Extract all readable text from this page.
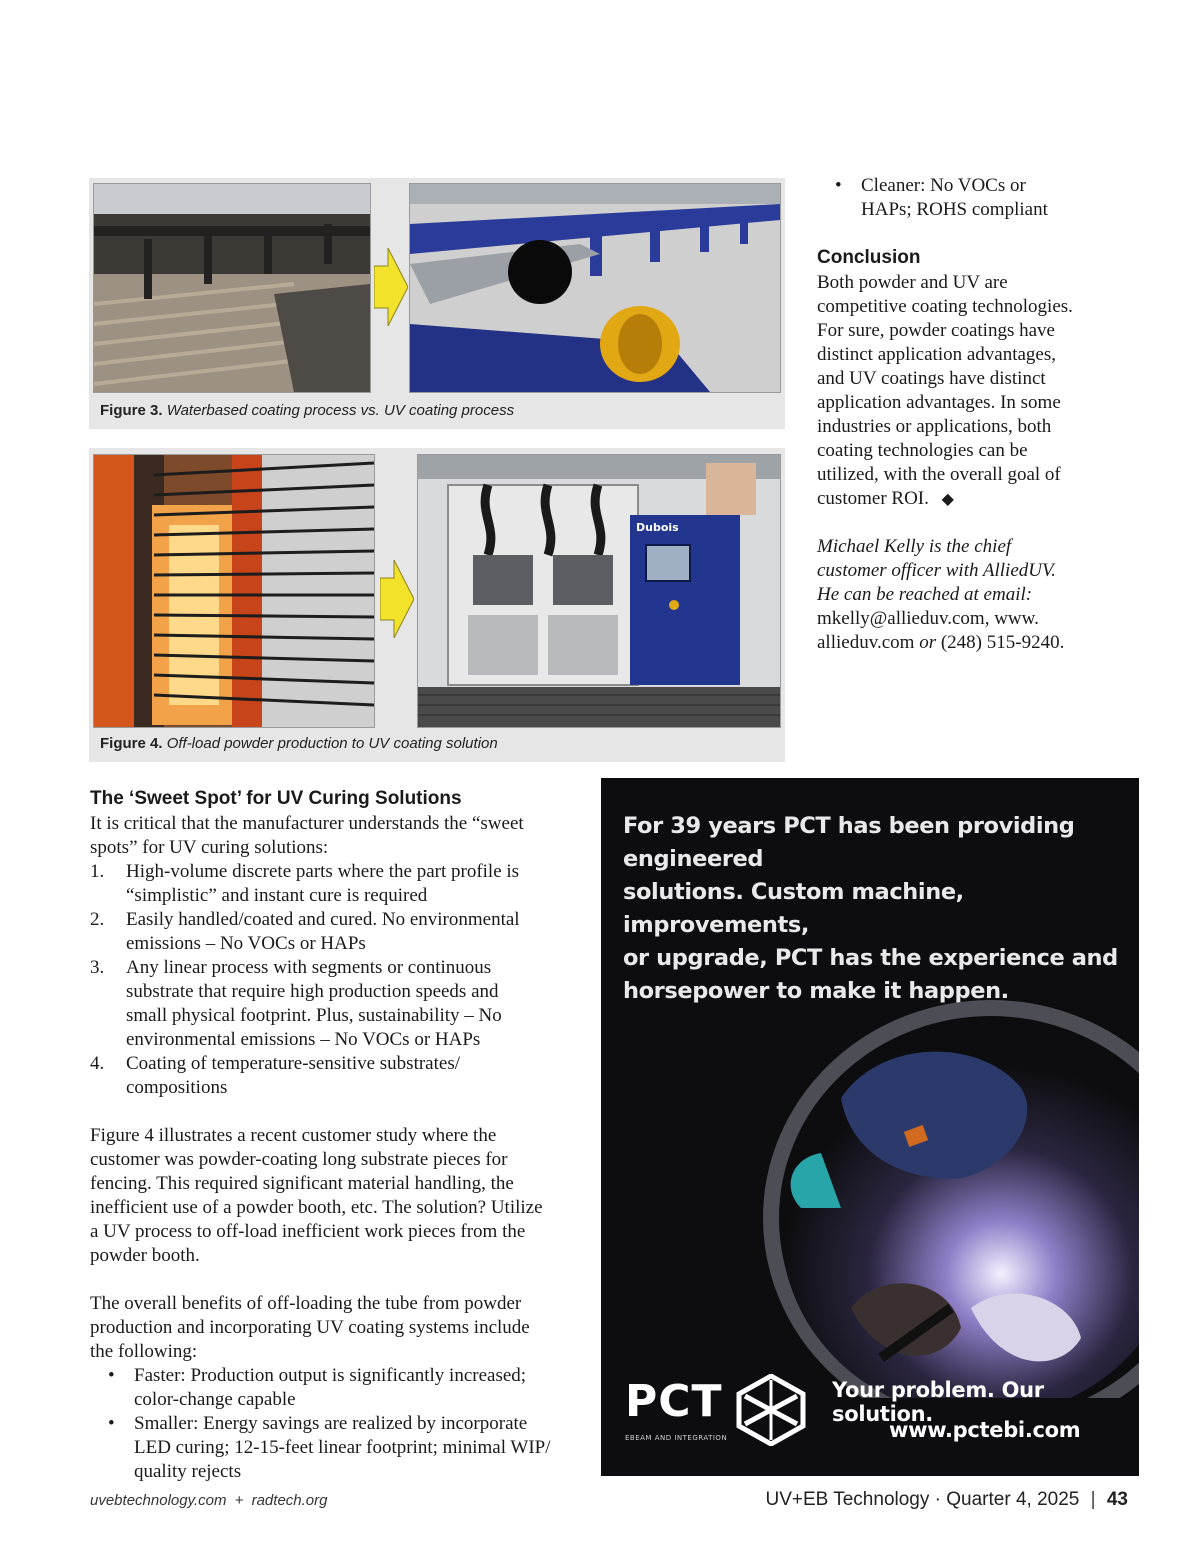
Figure 3. Waterbased coating process vs. UV coating process
Dubois
Figure 4. Off-load powder production to UV coating solution
• Cleaner: No VOCs or
HAPs; ROHS compliant
Conclusion
Both powder and UV are
competitive coating technologies.
For sure, powder coatings have
distinct application advantages,
and UV coatings have distinct
application advantages. In some
industries or applications, both
coating technologies can be
utilized, with the overall goal of
customer ROI. ◆
Michael Kelly is the chief
customer officer with AlliedUV.
He can be reached at email:
mkelly@allieduv.com, www.
allieduv.com or (248) 515-9240.
The ‘Sweet Spot’ for UV Curing Solutions
It is critical that the manufacturer understands the “sweet
spots” for UV curing solutions:
1. High-volume discrete parts where the part profile is
“simplistic” and instant cure is required
2. Easily handled/coated and cured. No environmental
emissions – No VOCs or HAPs
3. Any linear process with segments or continuous
substrate that require high production speeds and
small physical footprint. Plus, sustainability – No
environmental emissions – No VOCs or HAPs
4. Coating of temperature-sensitive substrates/
compositions
Figure 4 illustrates a recent customer study where the
customer was powder-coating long substrate pieces for
fencing. This required significant material handling, the
inefficient use of a powder booth, etc. The solution? Utilize
a UV process to off-load inefficient work pieces from the
powder booth.
The overall benefits of off-loading the tube from powder
production and incorporating UV coating systems include
the following:
• Faster: Production output is significantly increased;
color-change capable
• Smaller: Energy savings are realized by incorporate
LED curing; 12-15-feet linear footprint; minimal WIP/
quality rejects
For 39 years PCT has been providing engineered
solutions. Custom machine, improvements,
or upgrade, PCT has the experience and
horsepower to make it happen.
PCT
EBEAM AND INTEGRATION
Your problem. Our solution.
www.pctebi.com
uvebtechnology.com + radtech.org	UV+EB Technology · Quarter 4, 2025 | 43
